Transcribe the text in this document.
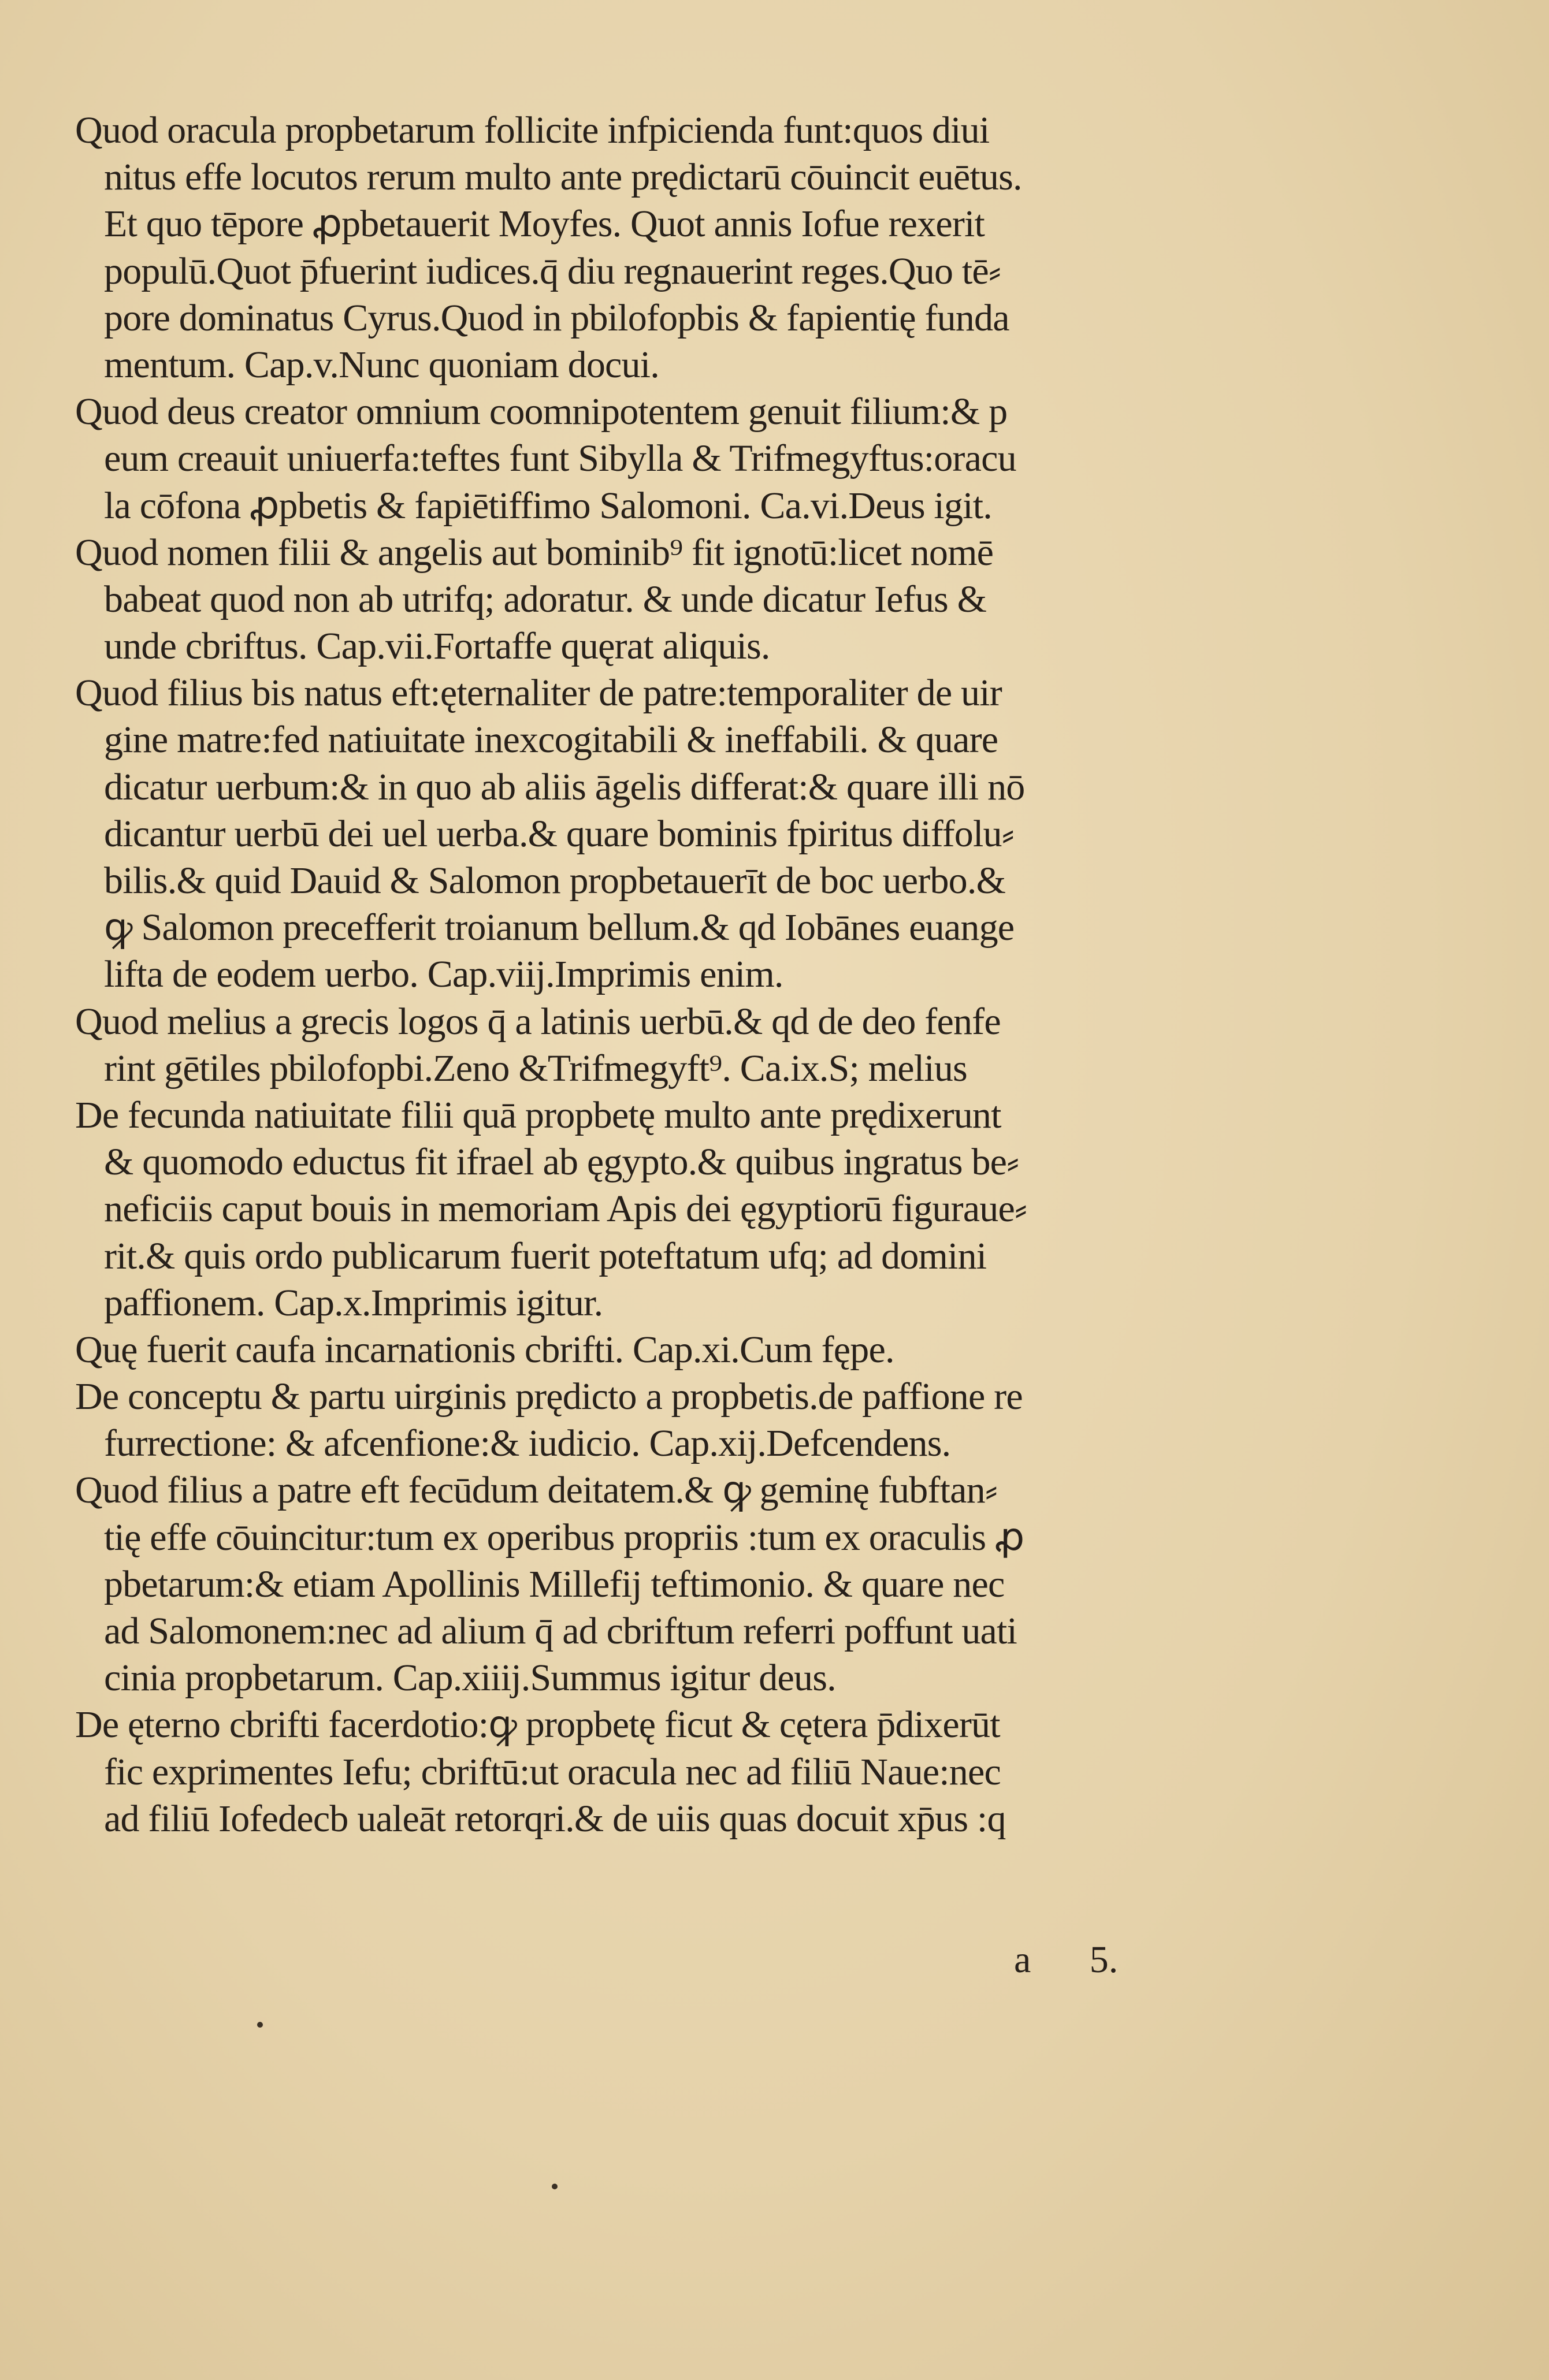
Quod oracula propbetarum follicite infpicienda funt:quos diui
nitus effe locutos rerum multo ante prędictarū cōuincit euētus.
Et quo tēpore ꝓpbetauerit Moyfes. Quot annis Iofue rexerit
populū.Quot p̄fuerint iudices.q̄ diu regnauerint reges.Quo tē⸗
pore dominatus Cyrus.Quod in pbilofopbis & fapientię funda
mentum. Cap.v.Nunc quoniam docui.
Quod deus creator omnium coomnipotentem genuit filium:& p
eum creauit uniuerfa:teftes funt Sibylla & Trifmegyftus:oracu
la cōfona ꝓpbetis & fapiētiffimo Salomoni. Ca.vi.Deus igit.
Quod nomen filii & angelis aut bominib⁹ fit ignotū:licet nomē
babeat quod non ab utrifq; adoratur. & unde dicatur Iefus &
unde cbriftus. Cap.vii.Fortaffe quęrat aliquis.
Quod filius bis natus eft:ęternaliter de patre:temporaliter de uir
gine matre:fed natiuitate inexcogitabili & ineffabili. & quare
dicatur uerbum:& in quo ab aliis āgelis differat:& quare illi nō
dicantur uerbū dei uel uerba.& quare bominis fpiritus diffolu⸗
bilis.& quid Dauid & Salomon propbetauerīt de boc uerbo.&
ꝙ Salomon precefferit troianum bellum.& qd Iobānes euange
lifta de eodem uerbo. Cap.viij.Imprimis enim.
Quod melius a grecis logos q̄ a latinis uerbū.& qd de deo fenfe
rint gētiles pbilofopbi.Zeno &Trifmegyft⁹. Ca.ix.S; melius
De fecunda natiuitate filii quā propbetę multo ante prędixerunt
& quomodo eductus fit ifrael ab ęgypto.& quibus ingratus be⸗
neficiis caput bouis in memoriam Apis dei ęgyptiorū figuraue⸗
rit.& quis ordo publicarum fuerit poteftatum ufq; ad domini
paffionem. Cap.x.Imprimis igitur.
Quę fuerit caufa incarnationis cbrifti. Cap.xi.Cum fępe.
De conceptu & partu uirginis prędicto a propbetis.de paffione re
furrectione: & afcenfione:& iudicio. Cap.xij.Defcendens.
Quod filius a patre eft fecūdum deitatem.& ꝙ geminę fubftan⸗
tię effe cōuincitur:tum ex operibus propriis :tum ex oraculis ꝓ
pbetarum:& etiam Apollinis Millefij teftimonio. & quare nec
ad Salomonem:nec ad alium q̄ ad cbriftum referri poffunt uati
cinia propbetarum. Cap.xiiij.Summus igitur deus.
De ęterno cbrifti facerdotio:ꝙ propbetę ficut & cętera p̄dixerūt
fic exprimentes Iefu; cbriftū:ut oracula nec ad filiū Naue:nec
ad filiū Iofedecb ualeāt retorqri.& de uiis quas docuit xp̄us :q
a 5.
